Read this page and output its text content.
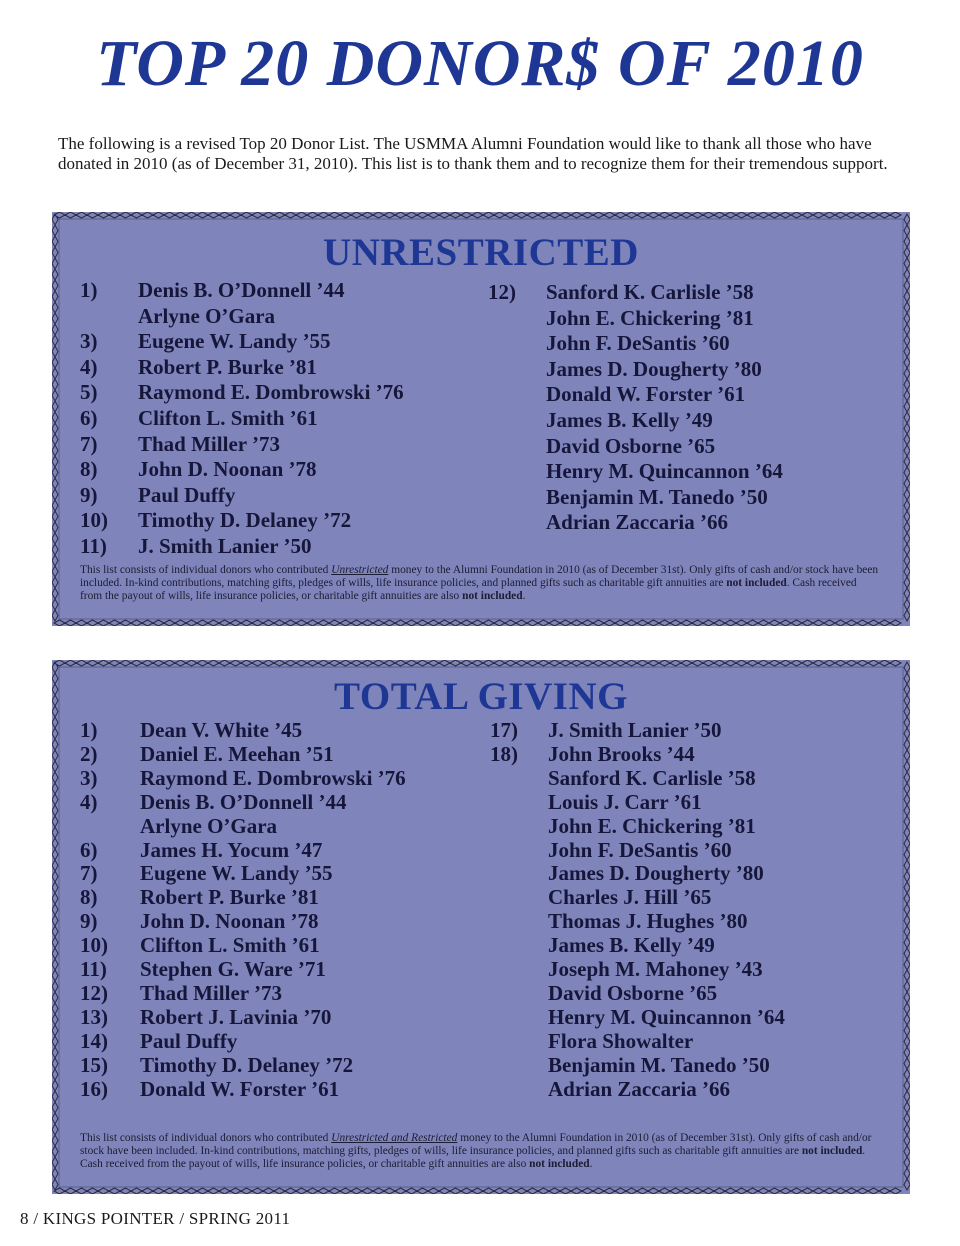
TOP 20 DONOR$ OF 2010
The following is a revised Top 20 Donor List. The USMMA Alumni Foundation would like to thank all those who have donated in 2010 (as of December 31, 2010). This list is to thank them and to recognize them for their tremendous support.
UNRESTRICTED
1) Denis B. O’Donnell ’44
Arlyne O’Gara
3) Eugene W. Landy ’55
4) Robert P. Burke ’81
5) Raymond E. Dombrowski ’76
6) Clifton L. Smith ’61
7) Thad Miller ’73
8) John D. Noonan ’78
9) Paul Duffy
10) Timothy D. Delaney ’72
11) J. Smith Lanier ’50
12) Sanford K. Carlisle ’58
John E. Chickering ’81
John F. DeSantis ’60
James D. Dougherty ’80
Donald W. Forster ’61
James B. Kelly ’49
David Osborne ’65
Henry M. Quincannon ’64
Benjamin M. Tanedo ’50
Adrian Zaccaria ’66
This list consists of individual donors who contributed Unrestricted money to the Alumni Foundation in 2010 (as of December 31st). Only gifts of cash and/or stock have been included. In-kind contributions, matching gifts, pledges of wills, life insurance policies, and planned gifts such as charitable gift annuities are not included. Cash received from the payout of wills, life insurance policies, or charitable gift annuities are also not included.
TOTAL GIVING
1) Dean V. White ’45
2) Daniel E. Meehan ’51
3) Raymond E. Dombrowski ’76
4) Denis B. O’Donnell ’44
Arlyne O’Gara
6) James H. Yocum ’47
7) Eugene W. Landy ’55
8) Robert P. Burke ’81
9) John D. Noonan ’78
10) Clifton L. Smith ’61
11) Stephen G. Ware ’71
12) Thad Miller ’73
13) Robert J. Lavinia ’70
14) Paul Duffy
15) Timothy D. Delaney ’72
16) Donald W. Forster ’61
17) J. Smith Lanier ’50
18) John Brooks ’44
Sanford K. Carlisle ’58
Louis J. Carr ’61
John E. Chickering ’81
John F. DeSantis ’60
James D. Dougherty ’80
Charles J. Hill ’65
Thomas J. Hughes ’80
James B. Kelly ’49
Joseph M. Mahoney ’43
David Osborne ’65
Henry M. Quincannon ’64
Flora Showalter
Benjamin M. Tanedo ’50
Adrian Zaccaria ’66
This list consists of individual donors who contributed Unrestricted and Restricted money to the Alumni Foundation in 2010 (as of December 31st). Only gifts of cash and/or stock have been included. In-kind contributions, matching gifts, pledges of wills, life insurance policies, and planned gifts such as charitable gift annuities are not included. Cash received from the payout of wills, life insurance policies, or charitable gift annuities are also not included.
8 / KINGS POINTER / SPRING 2011
